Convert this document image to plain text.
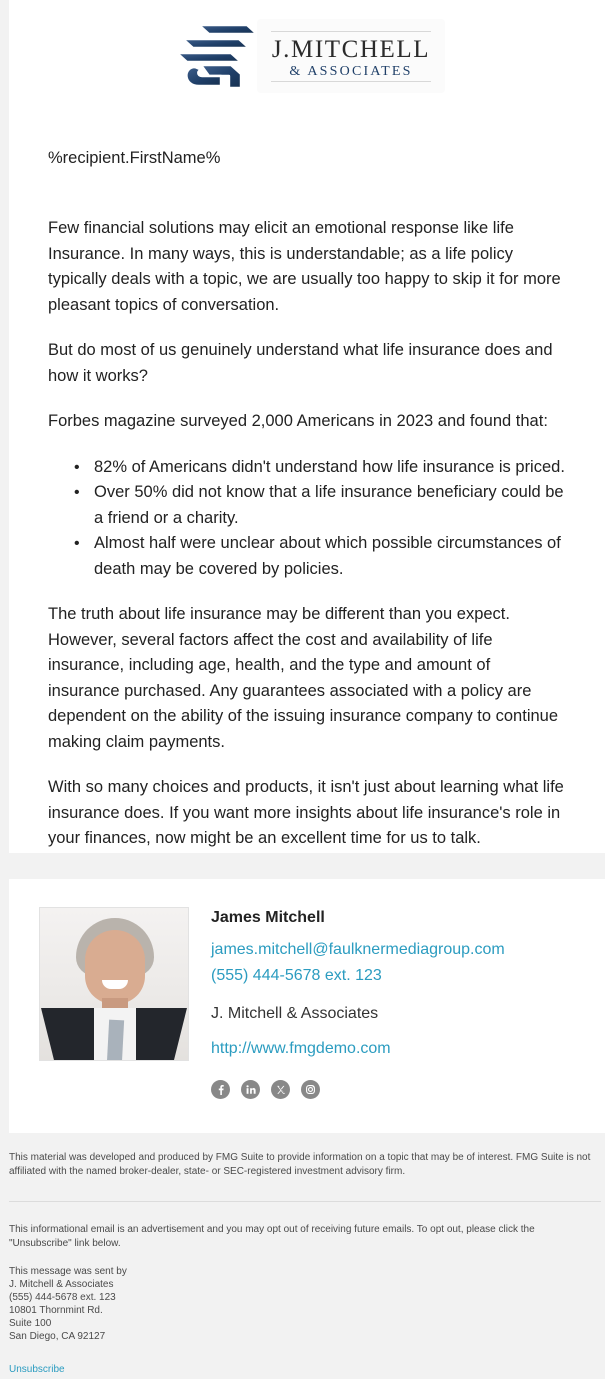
J.MITCHELL
& ASSOCIATES
%recipient.FirstName%

Few financial solutions may elicit an emotional response like life Insurance. In many ways, this is understandable; as a life policy typically deals with a topic, we are usually too happy to skip it for more pleasant topics of conversation.

But do most of us genuinely understand what life insurance does and how it works?

Forbes magazine surveyed 2,000 Americans in 2023 and found that:

• 82% of Americans didn't understand how life insurance is priced.
• Over 50% did not know that a life insurance beneficiary could be a friend or a charity.
• Almost half were unclear about which possible circumstances of death may be covered by policies.

The truth about life insurance may be different than you expect. However, several factors affect the cost and availability of life insurance, including age, health, and the type and amount of insurance purchased. Any guarantees associated with a policy are dependent on the ability of the issuing insurance company to continue making claim payments.

With so many choices and products, it isn't just about learning what life insurance does. If you want more insights about life insurance's role in your finances, now might be an excellent time for us to talk.

James Mitchell
james.mitchell@faulknermediagroup.com
(555) 444-5678 ext. 123
J. Mitchell & Associates
http://www.fmgdemo.com

This material was developed and produced by FMG Suite to provide information on a topic that may be of interest. FMG Suite is not affiliated with the named broker-dealer, state- or SEC-registered investment advisory firm.

This informational email is an advertisement and you may opt out of receiving future emails. To opt out, please click the "Unsubscribe" link below.

This message was sent by
J. Mitchell & Associates
(555) 444-5678 ext. 123
10801 Thornmint Rd.
Suite 100
San Diego, CA 92127
Unsubscribe
